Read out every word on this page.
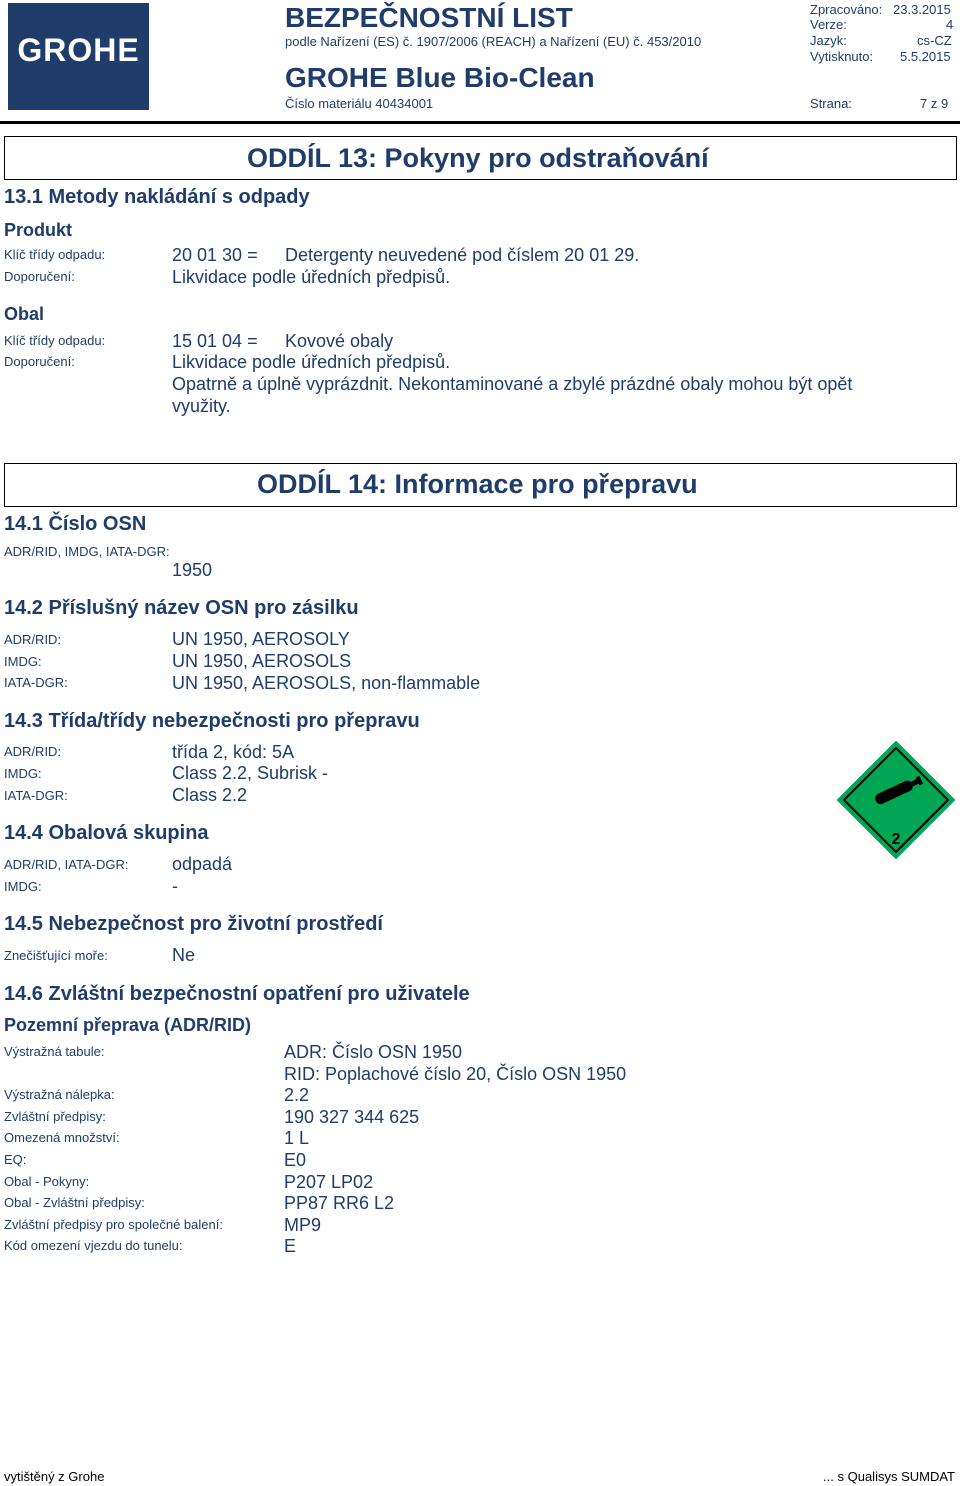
GROHE
BEZPEČNOSTNÍ LIST
podle Nařízení (ES) č. 1907/2006 (REACH) a Nařízení (EU) č. 453/2010
GROHE Blue Bio-Clean
Číslo materiálu 40434001
Zpracováno: 23.3.2015
Verze:	4
Jazyk:	cs-CZ
Vytisknuto: 5.5.2015
Strana:	7 z 9
ODDÍL 13: Pokyny pro odstraňování
13.1 Metody nakládání s odpady
Produkt
Klíč třídy odpadu:	20 01 30 = Detergenty neuvedené pod číslem 20 01 29.
Doporučení:	Likvidace podle úředních předpisů.
Obal
Klíč třídy odpadu:	15 01 04 = Kovové obaly
Doporučení:	Likvidace podle úředních předpisů.
Opatrně a úplně vyprázdnit. Nekontaminované a zbylé prázdné obaly mohou být opět
využity.
ODDÍL 14: Informace pro přepravu
14.1 Číslo OSN
ADR/RID, IMDG, IATA-DGR:
1950
14.2 Příslušný název OSN pro zásilku
ADR/RID:	UN 1950, AEROSOLY
IMDG:	UN 1950, AEROSOLS
IATA-DGR:	UN 1950, AEROSOLS, non-flammable
14.3 Třída/třídy nebezpečnosti pro přepravu
ADR/RID:	třída 2, kód: 5A
IMDG:	Class 2.2, Subrisk -
IATA-DGR:	Class 2.2
2
14.4 Obalová skupina
ADR/RID, IATA-DGR: odpadá
IMDG:	-
14.5 Nebezpečnost pro životní prostředí
Znečišťující moře:	Ne
14.6 Zvláštní bezpečnostní opatření pro uživatele
Pozemní přeprava (ADR/RID)
Výstražná tabule:	ADR: Číslo OSN 1950
RID: Poplachové číslo 20, Číslo OSN 1950
Výstražná nálepka:	2.2
Zvláštní předpisy:	190 327 344 625
Omezená množství:	1 L
EQ:	E0
Obal - Pokyny:	P207 LP02
Obal - Zvláštní předpisy:	PP87 RR6 L2
Zvláštní předpisy pro společné balení:	MP9
Kód omezení vjezdu do tunelu:	E
vytištěný z Grohe	... s Qualisys SUMDAT
